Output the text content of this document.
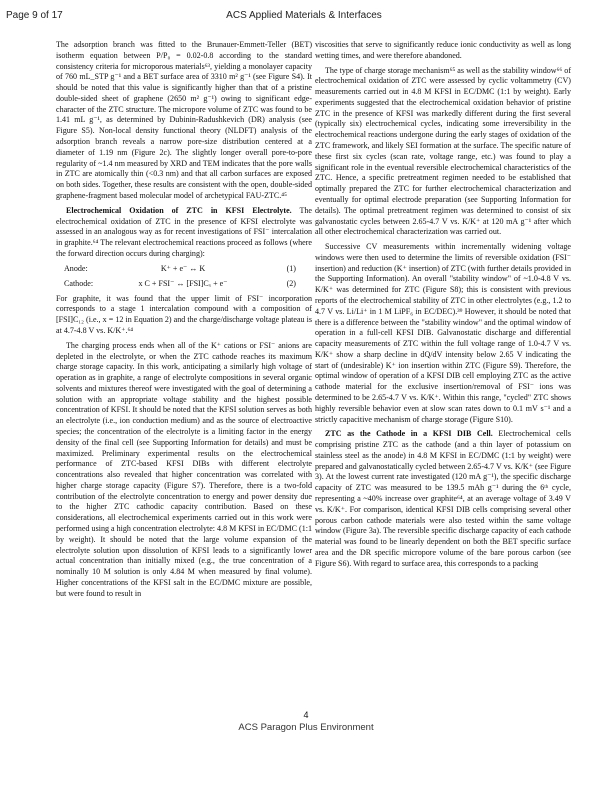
Page 9 of 17	ACS Applied Materials & Interfaces

The adsorption branch was fitted to the Brunauer-Emmett-Teller (BET) isotherm equation between P/P₀ = 0.02-0.8 according to the standard consistency criteria for microporous materials⁶³, yielding a monolayer capacity of 760 mL_STP g⁻¹ and a BET surface area of 3310 m² g⁻¹ (see Figure S4). It should be noted that this value is significantly higher than that of a pristine double-sided sheet of graphene (2650 m² g⁻¹) owing to significant edge-character of the ZTC structure. The micropore volume of ZTC was found to be 1.41 mL g⁻¹, as determined by Dubinin-Radushkevich (DR) analysis (see Figure S5). Non-local density functional theory (NLDFT) analysis of the adsorption branch reveals a narrow pore-size distribution centered at a diameter of 1.19 nm (Figure 2c). The slightly longer overall pore-to-pore regularity of ~1.4 nm measured by XRD and TEM indicates that the pore walls in ZTC are atomically thin (<0.3 nm) and that all carbon surfaces are exposed on both sides. Together, these results are consistent with the open, double-sided graphene-fragment based molecular model of archetypical FAU-ZTC.⁴⁵

Electrochemical Oxidation of ZTC in KFSI Electrolyte. The electrochemical oxidation of ZTC in the presence of KFSI electrolyte was assessed in an analogous way as for recent investigations of FSI⁻ intercalation in graphite.⁶⁴ The relevant electrochemical reactions proceed as follows (where the forward direction occurs during charging):

Anode:	K⁺ + e⁻ ↔ K	(1)
Cathode:	x C + FSI⁻ ↔ [FSI]Cₓ + e⁻	(2)

For graphite, it was found that the upper limit of FSI⁻ incorporation corresponds to a stage 1 intercalation compound with a composition of [FSI]C₁₂ (i.e., x = 12 in Equation 2) and the charge/discharge voltage plateau is at 4.7-4.8 V vs. K/K⁺.⁶⁴

The charging process ends when all of the K⁺ cations or FSI⁻ anions are depleted in the electrolyte, or when the ZTC cathode reaches its maximum charge storage capacity. In this work, anticipating a similarly high voltage of operation as in graphite, a range of electrolyte compositions in several organic solvents and mixtures thereof were investigated with the goal of determining a solution with an appropriate voltage stability and the highest possible concentration of KFSI. It should be noted that the KFSI solution serves as both an electrolyte (i.e., ion conduction medium) and as the source of electroactive species; the concentration of the electrolyte is a limiting factor in the energy density of the final cell (see Supporting Information for details) and must be maximized. Preliminary experimental results on the electrochemical performance of ZTC-based KFSI DIBs with different electrolyte concentrations also revealed that higher concentration was correlated with higher charge storage capacity (Figure S7). Therefore, there is a two-fold contribution of the electrolyte concentration to energy and power density due to the higher ZTC cathodic capacity contribution. Based on these considerations, all electrochemical experiments carried out in this work were performed using a high concentration electrolyte: 4.8 M KFSI in EC/DMC (1:1 by weight). It should be noted that the large volume expansion of the electrolyte solution upon dissolution of KFSI leads to a significantly lower actual concentration than initially mixed (e.g., the true concentration of a nominally 10 M solution is only 4.84 M when measured by final volume). Higher concentrations of the KFSI salt in the EC/DMC mixture are possible, but were found to result in

viscosities that serve to significantly reduce ionic conductivity as well as long wetting times, and were therefore abandoned.

The type of charge storage mechanism⁶⁵ as well as the stability window⁶⁶ of electrochemical oxidation of ZTC were assessed by cyclic voltammetry (CV) measurements carried out in 4.8 M KFSI in EC/DMC (1:1 by weight). Early experiments suggested that the electrochemical oxidation behavior of pristine ZTC in the presence of KFSI was markedly different during the first several (typically six) electrochemical cycles, indicating some irreversibility in the electrochemical reactions undergone during the early stages of oxidation of the ZTC framework, and likely SEI formation at the surface. The specific nature of these first six cycles (scan rate, voltage range, etc.) was found to play a significant role in the eventual reversible electrochemical characteristics of the ZTC. Hence, a specific pretreatment regimen needed to be established that optimally prepared the ZTC for further electrochemical characterization and eventually for optimal electrode preparation (see Supporting Information for details). The optimal pretreatment regimen was determined to consist of six galvanostatic cycles between 2.65-4.7 V vs. K/K⁺ at 120 mA g⁻¹ after which all other electrochemical characterization was carried out.

Successive CV measurements within incrementally widening voltage windows were then used to determine the limits of reversible oxidation (FSI⁻ insertion) and reduction (K⁺ insertion) of ZTC (with further details provided in the Supporting Information). An overall "stability window" of ~1.0-4.8 V vs. K/K⁺ was determined for ZTC (Figure S8); this is consistent with previous reports of the electrochemical stability of ZTC in other electrolytes (e.g., 1.2 to 4.7 V vs. Li/Li⁺ in 1 M LiPF₆ in EC/DEC).³⁹ However, it should be noted that there is a difference between the "stability window" and the optimal window of operation in a full-cell KFSI DIB. Galvanostatic discharge and differential capacity measurements of ZTC within the full voltage range of 1.0-4.7 V vs. K/K⁺ show a sharp decline in dQ/dV intensity below 2.65 V indicating the start of (undesirable) K⁺ ion insertion within ZTC (Figure S9). Therefore, the optimal window of operation of a KFSI DIB cell employing ZTC as the active cathode material for the exclusive insertion/removal of FSI⁻ ions was determined to be 2.65-4.7 V vs. K/K⁺. Within this range, "cycled" ZTC shows highly reversible behavior even at slow scan rates down to 0.1 mV s⁻¹ and a strictly capacitive mechanism of charge storage (Figure S10).

ZTC as the Cathode in a KFSI DIB Cell. Electrochemical cells comprising pristine ZTC as the cathode (and a thin layer of potassium on stainless steel as the anode) in 4.8 M KFSI in EC/DMC (1:1 by weight) were prepared and galvanostatically cycled between 2.65-4.7 V vs. K/K⁺ (see Figure 3). At the lowest current rate investigated (120 mA g⁻¹), the specific discharge capacity of ZTC was measured to be 139.5 mAh g⁻¹ during the 6ᵗʰ cycle, representing a ~40% increase over graphite⁶⁴, at an average voltage of 3.49 V vs. K/K⁺. For comparison, identical KFSI DIB cells comprising several other porous carbon cathode materials were also tested within the same voltage window (Figure 3a). The reversible specific discharge capacity of each cathode material was found to be linearly dependent on both the BET specific surface area and the DR specific micropore volume of the bare porous carbon (see Figure S6). With regard to surface area, this corresponds to a packing

4
ACS Paragon Plus Environment
